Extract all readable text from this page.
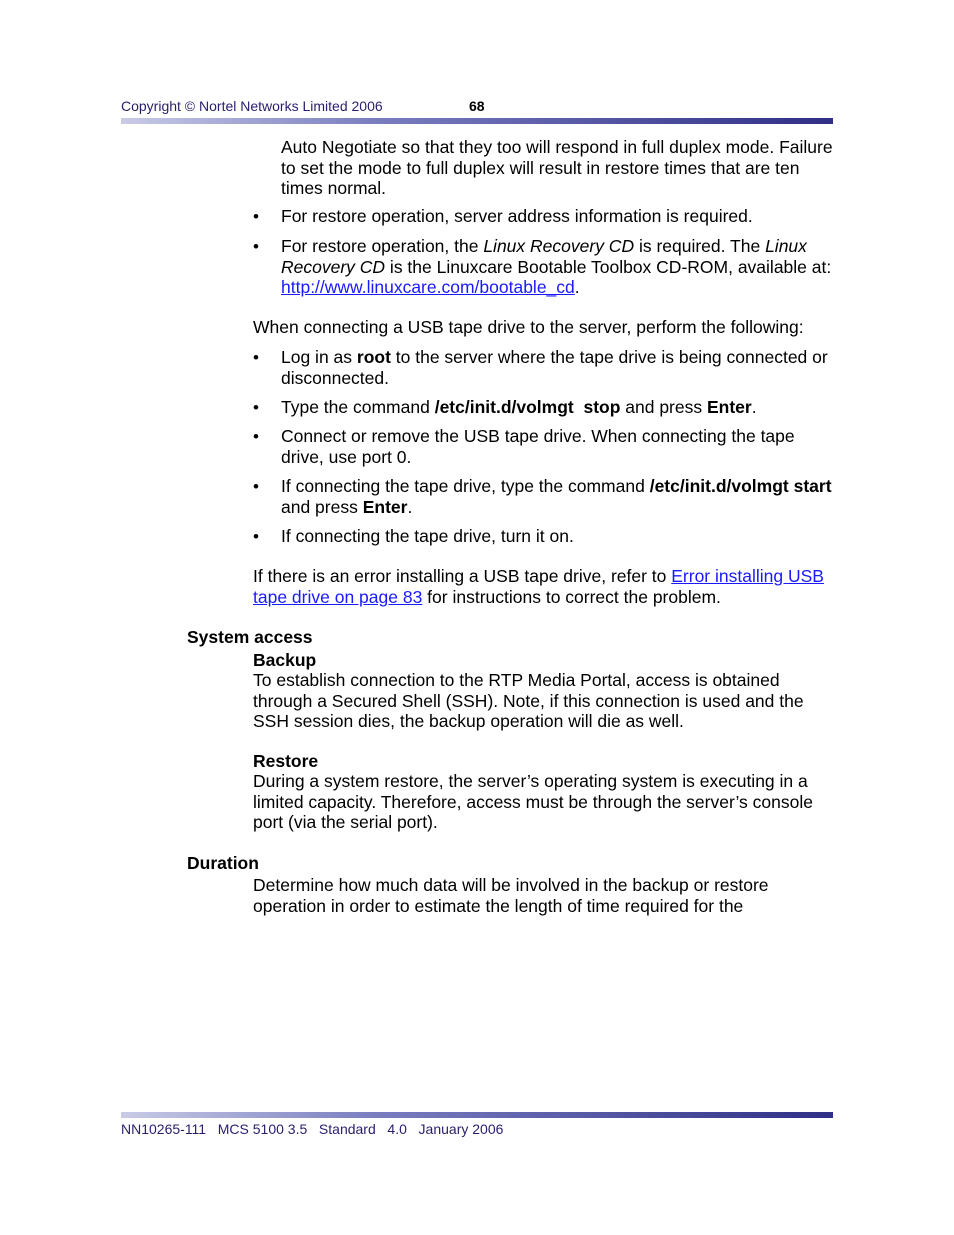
Copyright © Nortel Networks Limited 2006	68
Auto Negotiate so that they too will respond in full duplex mode. Failure to set the mode to full duplex will result in restore times that are ten times normal.
• For restore operation, server address information is required.
• For restore operation, the Linux Recovery CD is required. The Linux Recovery CD is the Linuxcare Bootable Toolbox CD-ROM, available at: http://www.linuxcare.com/bootable_cd.
When connecting a USB tape drive to the server, perform the following:
• Log in as root to the server where the tape drive is being connected or disconnected.
• Type the command /etc/init.d/volmgt  stop and press Enter.
• Connect or remove the USB tape drive. When connecting the tape drive, use port 0.
• If connecting the tape drive, type the command /etc/init.d/volmgt start and press Enter.
• If connecting the tape drive, turn it on.
If there is an error installing a USB tape drive, refer to Error installing USB tape drive on page 83 for instructions to correct the problem.
System access
Backup
To establish connection to the RTP Media Portal, access is obtained through a Secured Shell (SSH). Note, if this connection is used and the SSH session dies, the backup operation will die as well.
Restore
During a system restore, the server’s operating system is executing in a limited capacity. Therefore, access must be through the server’s console port (via the serial port).
Duration
Determine how much data will be involved in the backup or restore operation in order to estimate the length of time required for the
NN10265-111   MCS 5100 3.5   Standard   4.0   January 2006
